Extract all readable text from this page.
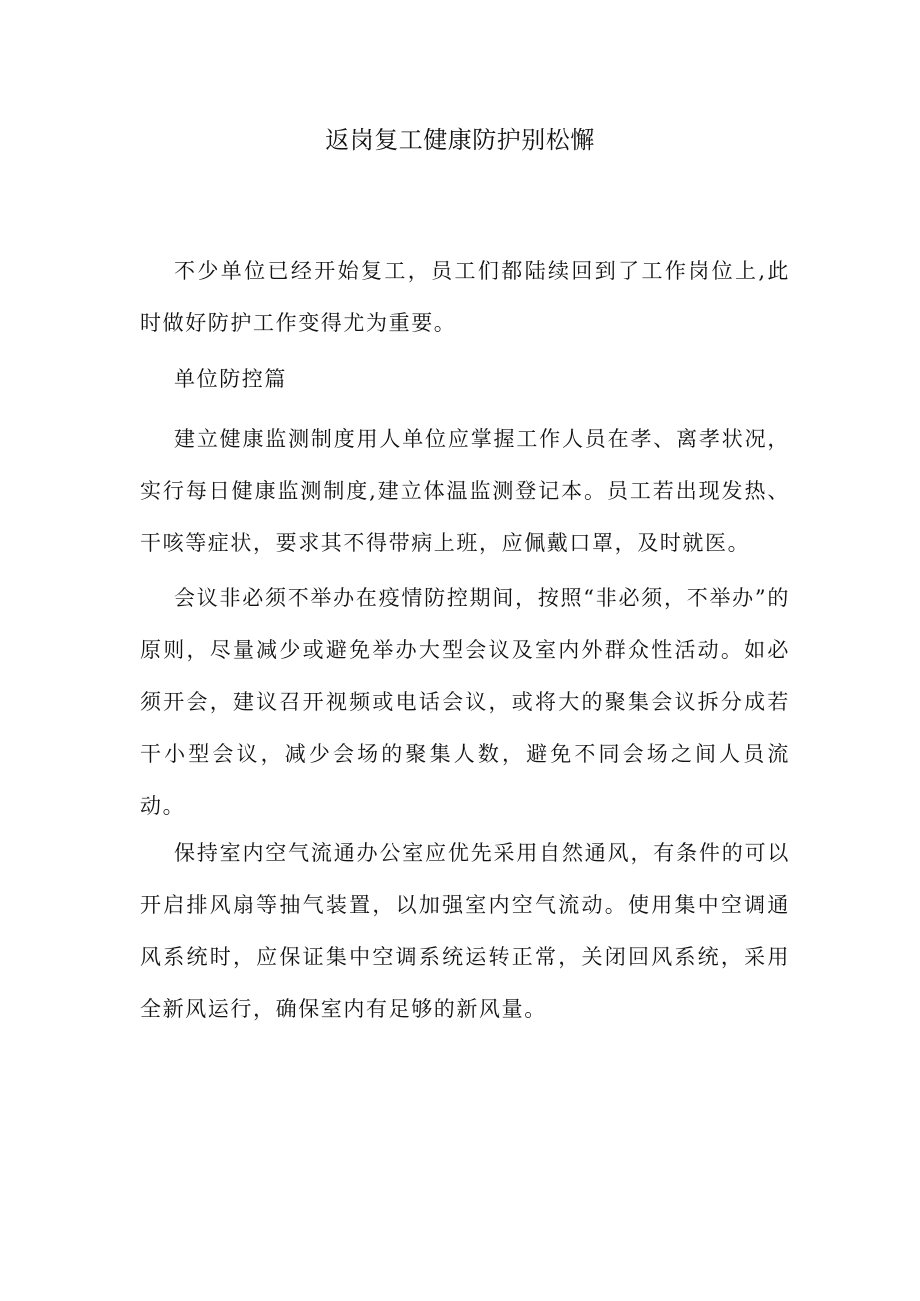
返岗复工健康防护别松懈

不少单位已经开始复工，员工们都陆续回到了工作岗位上,此时做好防护工作变得尤为重要。

单位防控篇

建立健康监测制度用人单位应掌握工作人员在孝、离孝状况，实行每日健康监测制度,建立体温监测登记本。员工若出现发热、干咳等症状，要求其不得带病上班，应佩戴口罩，及时就医。

会议非必须不举办在疫情防控期间，按照“非必须，不举办”的原则，尽量减少或避免举办大型会议及室内外群众性活动。如必须开会，建议召开视频或电话会议，或将大的聚集会议拆分成若干小型会议，减少会场的聚集人数，避免不同会场之间人员流动。

保持室内空气流通办公室应优先采用自然通风，有条件的可以开启排风扇等抽气装置，以加强室内空气流动。使用集中空调通风系统时，应保证集中空调系统运转正常，关闭回风系统，采用全新风运行，确保室内有足够的新风量。
